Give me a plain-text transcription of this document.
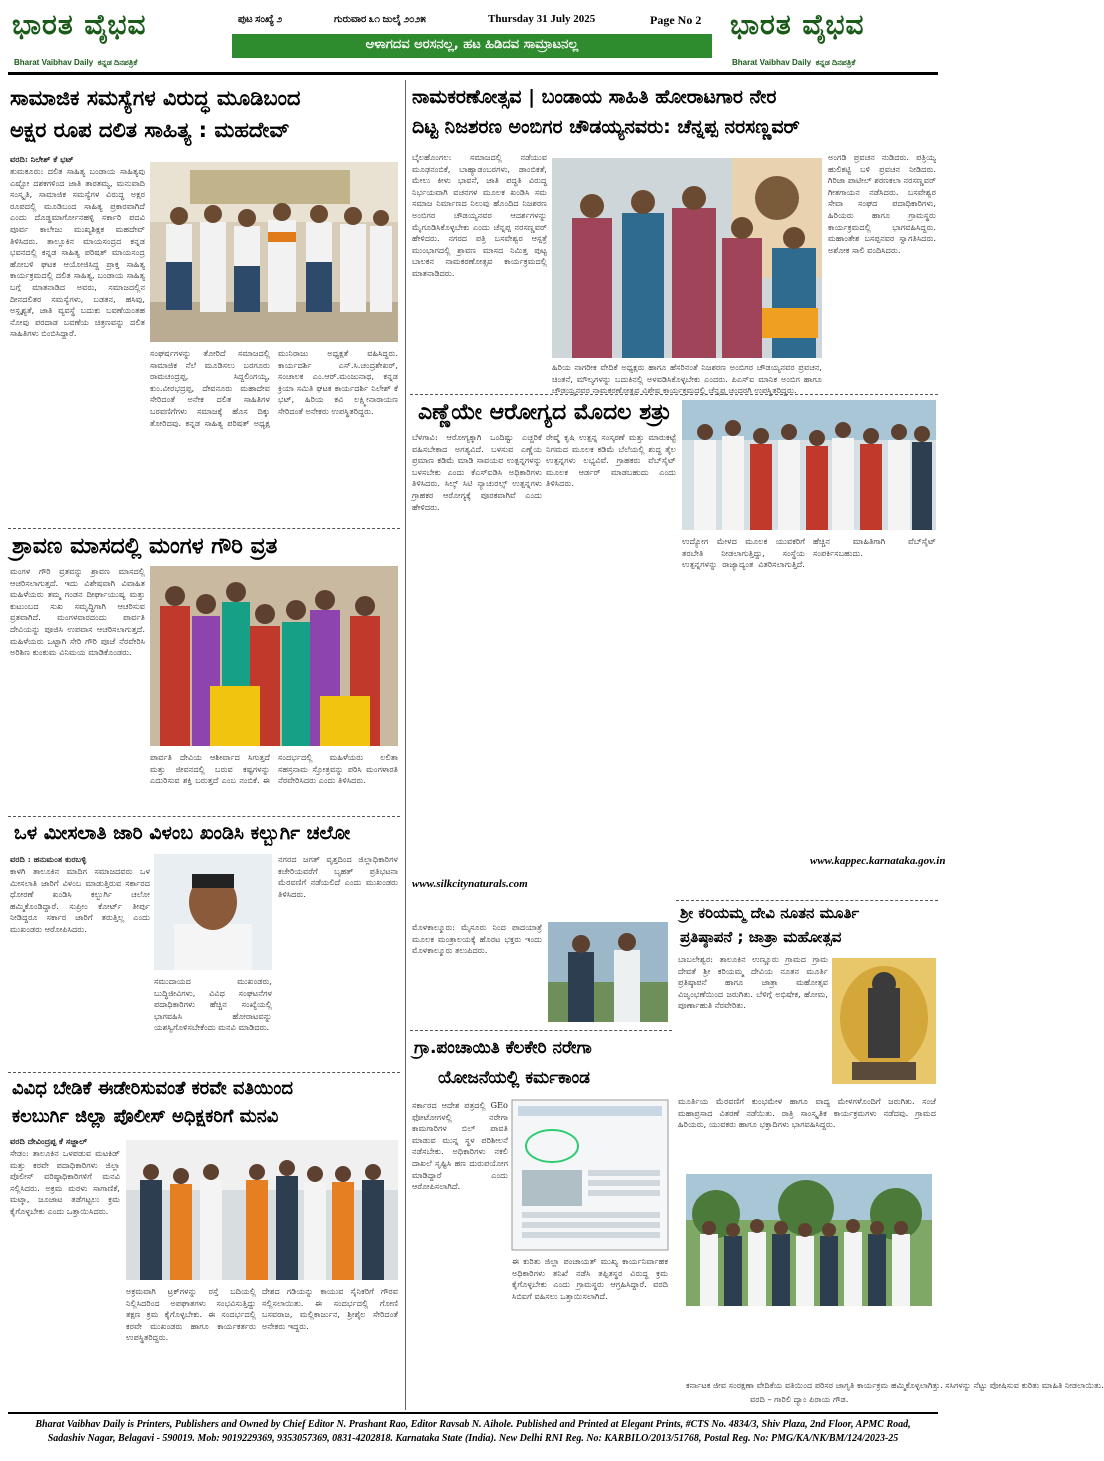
ಭಾರತ ವೈಭವ
Bharat Vaibhav Daily ಕನ್ನಡ ದಿನಪತ್ರಿಕೆ
ಪುಟ ಸಂಖ್ಯೆ ೨	ಗುರುವಾರ ೩೧ ಜುಲೈ ೨೦೨೫	Thursday 31 July 2025	Page No 2
ಆಳಾಗದವ ಅರಸನಲ್ಲ, ಹಟ ಹಿಡಿದವ ಸಾಮ್ರಾಟನಲ್ಲ
ಭಾರತ ವೈಭವ
Bharat Vaibhav Daily ಕನ್ನಡ ದಿನಪತ್ರಿಕೆ
ಸಾಮಾಜಿಕ ಸಮಸ್ಯೆಗಳ ವಿರುದ್ಧ ಮೂಡಿಬಂದ
ಅಕ್ಷರ ರೂಪ ದಲಿತ ಸಾಹಿತ್ಯ : ಮಹದೇವ್
ವರದಿ: ನಿಲೇಶ್ ಕೆ ಭಟ್
ತುಮಕೂರು: ದಲಿತ ಸಾಹಿತ್ಯ ಬಂಡಾಯ ಸಾಹಿತ್ಯವು ಎಷ್ಟೋ ದಶಕಗಳಿಂದ ಜಾತಿ ತಾರತಮ್ಯ, ಮನುವಾದಿ ಸಂಸ್ಕೃತಿ, ಸಾಮಾಜಿಕ ಸಮಸ್ಯೆಗಳ ವಿರುದ್ಧ ಅಕ್ಷರ ರೂಪದಲ್ಲಿ ಮೂಡಿಬಂದ ಸಾಹಿತ್ಯ ಪ್ರಕಾರವಾಗಿದೆ ಎಂದು ದೊಡ್ಡಮಾರ್ಗೋನಹಳ್ಳಿ ಸರ್ಕಾರಿ ಪದವಿ ಪೂರ್ವ ಕಾಲೇಜು ಮುಖ್ಯಶಿಕ್ಷಕ ಮಹದೇವ್ ತಿಳಿಸಿದರು. ತಾಲ್ಲೂಕಿನ ಮಾಯಸಂದ್ರದ ಕನ್ನಡ ಭವನದಲ್ಲಿ ಕನ್ನಡ ಸಾಹಿತ್ಯ ಪರಿಷತ್ ಮಾಯಸಂದ್ರ ಹೋಬಳಿ ಘಟಕ ಆಯೋಜಿಸಿದ್ದ ಪ್ರಾಕ್ತ ಸಾಹಿತ್ಯ ಕಾರ್ಯಕ್ರಮದಲ್ಲಿ ದಲಿತ ಸಾಹಿತ್ಯ, ಬಂಡಾಯ ಸಾಹಿತ್ಯ ಬಗ್ಗೆ ಮಾತನಾಡಿದ ಅವರು, ಸಮಾಜದಲ್ಲಿನ ದೀನದಲಿತರ ಸಮಸ್ಯೆಗಳು, ಬಡತನ, ಹಸಿವು, ಅಸ್ಪೃಶ್ಯತೆ, ಜಾತಿ ವ್ಯವಸ್ಥೆ ಬದುಕು ಬವಣೆಯಂತಹ ನೋವು ಪರದಾಡ ಬವಣೆಯ ಚಿತ್ರಣವನ್ನು ದಲಿತ ಸಾಹಿತಿಗಳು ಬಿಂಬಿಸಿದ್ದಾರೆ.
ಸಂಘರ್ಷಗಳನ್ನು ತೋರಿದೆ ಸಮಾಜದಲ್ಲಿ ಸಾಮಾಜಿಕ ನೆಲೆ ಮೂಡಿಸಲು ಬರಗೂರು ರಾಮಚಂದ್ರಪ್ಪ, ಸಿದ್ದಲಿಂಗಯ್ಯ, ಕುಂ.ವೀರಭದ್ರಪ್ಪ, ದೇವನೂರು ಮಹಾದೇವ ಸೇರಿದಂತೆ ಅನೇಕ ದಲಿತ ಸಾಹಿತಿಗಳ ಬರವಣಿಗೆಗಳು ಸಮಾಜಕ್ಕೆ ಹೊಸ ದಿಕ್ಕು ತೋರಿದವು. ಕನ್ನಡ ಸಾಹಿತ್ಯ ಪರಿಷತ್ ಅಧ್ಯಕ್ಷ ಮುನಿರಾಜು ಅಧ್ಯಕ್ಷತೆ ವಹಿಸಿದ್ದರು. ಕಾರ್ಯದರ್ಶಿ ಎಸ್.ಸಿ.ಚಂದ್ರಶೇಖರ್, ಸಂಚಾಲಕ ಎಂ.ಆರ್.ಮಂಜುನಾಥ, ಕನ್ನಡ ಕ್ರಿಯಾ ಸಮಿತಿ ಘಟಕ ಕಾರ್ಯದರ್ಶಿ ನಿಲೇಶ್ ಕೆ ಭಟ್, ಹಿರಿಯ ಕವಿ ಲಕ್ಷ್ಮೀನಾರಾಯಣ ಸೇರಿದಂತೆ ಅನೇಕರು ಉಪಸ್ಥಿತರಿದ್ದರು.
ನಾಮಕರಣೋತ್ಸವ | ಬಂಡಾಯ ಸಾಹಿತಿ ಹೋರಾಟಗಾರ ನೇರ
ದಿಟ್ಟ ನಿಜಶರಣ ಅಂಬಿಗರ ಚೌಡಯ್ಯನವರು: ಚೆನ್ನಪ್ಪ ನರಸಣ್ಣವರ್
ಬೈಲಹೊಂಗಲ: ಸಮಾಜದಲ್ಲಿ ನಡೆಯುವ ಮೂಢನಂಬಿಕೆ, ಬಾಹ್ಯಾಡಂಬರಗಳು, ಡಾಂಬಿಕತೆ, ಮೇಲು ಕೀಳು ಭಾವನೆ, ಜಾತಿ ಪದ್ಧತಿ ವಿರುದ್ಧ ನಿರ್ಭಯವಾಗಿ ವಚನಗಳ ಮೂಲಕ ಖಂಡಿಸಿ ಸಮ ಸಮಾಜ ನಿರ್ಮಾಣದ ನಿಲುವು ಹೊಂದಿದ ನಿಜಶರಣ ಅಂಬಿಗರ ಚೌಡಯ್ಯನವರ ಆದರ್ಶಗಳನ್ನು ಮೈಗೂಡಿಸಿಕೊಳ್ಳಬೇಕು ಎಂದು ಚೆನ್ನಪ್ಪ ನರಸಣ್ಣವರ್ ಹೇಳಿದರು. ನಗರದ ಪತ್ರಿ ಬಸವೇಶ್ವರ ಆಸ್ಪತ್ರೆ ಮುಂಭಾಗದಲ್ಲಿ ಶ್ರಾವಣ ಮಾಸದ ನಿಮಿತ್ತ ಪುಟ್ಟ ಬಾಲಕನ ನಾಮಕರಣೋತ್ಸವ ಕಾರ್ಯಕ್ರಮದಲ್ಲಿ ಮಾತನಾಡಿದರು.
ಹಿರಿಯ ನಾಗರೀಕ ವೇದಿಕೆ ಅಧ್ಯಕ್ಷರು ಹಾಗೂ ಹೆಸರಿನಂತೆ ನಿಜಶರಣ ಅಂಬಿಗರ ಚೌಡಯ್ಯನವರ ಪ್ರವಚನ, ಚಿಂತನೆ, ಮೌಲ್ಯಗಳನ್ನು ಬದುಕಿನಲ್ಲಿ ಅಳವಡಿಸಿಕೊಳ್ಳಬೇಕು ಎಂದರು. ಪಿಎಸ್ಐ ಮಾನಿಕ ಅಂಬಿಗ ಹಾಗೂ ಚೌಡಯ್ಯನವರ ನಾಮಕರಣೋತ್ಸವ ವಿಶೇಷ ಕಾರ್ಯಕ್ರಮದಲ್ಲಿ ಚೆನ್ನಪ್ಪ ಚಂದರಗಿ ಉಪಸ್ಥಿತರಿದ್ದರು.
ಅಂಗಡಿ ಪ್ರವಚನ ನುಡಿದರು. ಪತ್ರಿಯ್ಯ ಹುಲಿಕಟ್ಟಿ ಬಳಿ ಪ್ರವಚನ ನೀಡಿದರು. ಗಿರಿಜಾ ಪಾಟೀಲ್ ಶರಣಕಲಾ ನರಸಣ್ಣವರ್ ಗೀತಗಾಯನ ನಡೆಸಿದರು. ಬಸವೇಶ್ವರ ಸೇವಾ ಸಂಘದ ಪದಾಧಿಕಾರಿಗಳು, ಹಿರಿಯರು ಹಾಗೂ ಗ್ರಾಮಸ್ಥರು ಕಾರ್ಯಕ್ರಮದಲ್ಲಿ ಭಾಗವಹಿಸಿದ್ದರು. ಮಹಾಂತೇಶ ಬಸಪ್ಪನವರ ಸ್ವಾಗತಿಸಿದರು. ಅಶೋಕ ಸಾಲಿ ವಂದಿಸಿದರು.
ಶ್ರಾವಣ ಮಾಸದಲ್ಲಿ ಮಂಗಳ ಗೌರಿ ವ್ರತ
ಮಂಗಳ ಗೌರಿ ವ್ರತವನ್ನು ಶ್ರಾವಣ ಮಾಸದಲ್ಲಿ ಆಚರಿಸಲಾಗುತ್ತದೆ. ಇದು ವಿಶೇಷವಾಗಿ ವಿವಾಹಿತ ಮಹಿಳೆಯರು ತಮ್ಮ ಗಂಡನ ದೀರ್ಘಾಯುಷ್ಯ ಮತ್ತು ಕುಟುಂಬದ ಸುಖ ಸಮೃದ್ಧಿಗಾಗಿ ಆಚರಿಸುವ ವ್ರತವಾಗಿದೆ. ಮಂಗಳವಾರದಂದು ಪಾರ್ವತಿ ದೇವಿಯನ್ನು ಪೂಜಿಸಿ ಉಪವಾಸ ಆಚರಿಸಲಾಗುತ್ತದೆ. ಮಹಿಳೆಯರು ಒಟ್ಟಾಗಿ ಸೇರಿ ಗೌರಿ ಪೂಜೆ ನೆರವೇರಿಸಿ ಅರಿಶಿಣ ಕುಂಕುಮ ವಿನಿಮಯ ಮಾಡಿಕೊಂಡರು.
ಪಾರ್ವತಿ ದೇವಿಯ ಆಶೀರ್ವಾದ ಸಿಗುತ್ತದೆ ಮತ್ತು ಜೀವನದಲ್ಲಿ ಬರುವ ಕಷ್ಟಗಳನ್ನು ಎದುರಿಸುವ ಶಕ್ತಿ ಬರುತ್ತದೆ ಎಂಬ ನಂಬಿಕೆ. ಈ ಸಂದರ್ಭದಲ್ಲಿ ಮಹಿಳೆಯರು ಲಲಿತಾ ಸಹಸ್ರನಾಮ ಸ್ತೋತ್ರವನ್ನು ಪಠಿಸಿ ಮಂಗಳಾರತಿ ನೆರವೇರಿಸಿದರು ಎಂದು ತಿಳಿಸಿದರು.
ಎಣ್ಣೆಯೇ ಆರೋಗ್ಯದ ಮೊದಲ ಶತ್ರು
ಬೆಳಗಾವಿ: ಆರೋಗ್ಯಕ್ಕಾಗಿ ಒಂದಿಷ್ಟು ಎಚ್ಚರಿಕೆ ವಹಿಸಬೇಕಾದ ಅಗತ್ಯವಿದೆ. ಬಳಸುವ ಎಣ್ಣೆಯ ಪ್ರಮಾಣ ಕಡಿಮೆ ಮಾಡಿ ಸಾವಯವ ಉತ್ಪನ್ನಗಳನ್ನು ಬಳಸಬೇಕು ಎಂದು ಕೆಎಸ್‌ಐಡಿಸಿ ಅಧಿಕಾರಿಗಳು ತಿಳಿಸಿದರು. ಸಿಲ್ಕ್ ಸಿಟಿ ನ್ಯಾಚುರಲ್ಸ್ ಉತ್ಪನ್ನಗಳು ಗ್ರಾಹಕರ ಆರೋಗ್ಯಕ್ಕೆ ಪೂರಕವಾಗಿವೆ ಎಂದು ಹೇಳಿದರು.
ರೇಷ್ಮೆ ಕೃಷಿ ಉತ್ಪನ್ನ ಸಂಸ್ಕರಣೆ ಮತ್ತು ಮಾರುಕಟ್ಟೆ ನಿಗಮದ ಮೂಲಕ ಕಡಿಮೆ ಬೆಲೆಯಲ್ಲಿ ಶುದ್ಧ ತೈಲ ಉತ್ಪನ್ನಗಳು ಲಭ್ಯವಿವೆ. ಗ್ರಾಹಕರು ವೆಬ್‌ಸೈಟ್ ಮೂಲಕ ಆರ್ಡರ್ ಮಾಡಬಹುದು ಎಂದು ತಿಳಿಸಿದರು.
www.silkcitynaturals.com
ಉದ್ಯೋಗ ಮೇಳದ ಮೂಲಕ ಯುವಕರಿಗೆ ತರಬೇತಿ ನೀಡಲಾಗುತ್ತಿದ್ದು, ಸಂಸ್ಥೆಯ ಉತ್ಪನ್ನಗಳನ್ನು ರಾಜ್ಯಾದ್ಯಂತ ವಿತರಿಸಲಾಗುತ್ತಿದೆ. ಹೆಚ್ಚಿನ ಮಾಹಿತಿಗಾಗಿ ವೆಬ್‌ಸೈಟ್ ಸಂಪರ್ಕಿಸಬಹುದು.
www.kappec.karnataka.gov.in
ಮೊಳಕಾಲ್ಮೂರು: ಮೈಸೂರು ನಿಂದ ಪಾದಯಾತ್ರೆ ಮೂಲಕ ಮಂತ್ರಾಲಯಕ್ಕೆ ಹೊರಟ ಭಕ್ತರು ಇಂದು ಮೊಳಕಾಲ್ಮೂರು ತಲುಪಿದರು.
ಒಳ ಮೀಸಲಾತಿ ಜಾರಿ ವಿಳಂಬ ಖಂಡಿಸಿ ಕಲ್ಬುರ್ಗಿ ಚಲೋ
ವರದಿ : ಹನುಮಂತ ಕುರಬಳ್ಳಿ
ಕಾಳಗಿ ತಾಲೂಕಿನ ಮಾದಿಗ ಸಮಾಜದವರು ಒಳ ಮೀಸಲಾತಿ ಜಾರಿಗೆ ವಿಳಂಬ ಮಾಡುತ್ತಿರುವ ಸರ್ಕಾರದ ಧೋರಣೆ ಖಂಡಿಸಿ ಕಲ್ಬುರ್ಗಿ ಚಲೋ ಹಮ್ಮಿಕೊಂಡಿದ್ದಾರೆ. ಸುಪ್ರೀಂ ಕೋರ್ಟ್ ತೀರ್ಪು ನೀಡಿದ್ದರೂ ಸರ್ಕಾರ ಜಾರಿಗೆ ತರುತ್ತಿಲ್ಲ ಎಂದು ಮುಖಂಡರು ಆರೋಪಿಸಿದರು.
ಸಮುದಾಯದ ಮುಖಂಡರು, ಬುದ್ಧಿಜೀವಿಗಳು, ವಿವಿಧ ಸಂಘಟನೆಗಳ ಪದಾಧಿಕಾರಿಗಳು ಹೆಚ್ಚಿನ ಸಂಖ್ಯೆಯಲ್ಲಿ ಭಾಗವಹಿಸಿ ಹೋರಾಟವನ್ನು ಯಶಸ್ವಿಗೊಳಿಸಬೇಕೆಂದು ಮನವಿ ಮಾಡಿದರು.
ನಗರದ ಜಗತ್ ವೃತ್ತದಿಂದ ಜಿಲ್ಲಾಧಿಕಾರಿಗಳ ಕಚೇರಿಯವರೆಗೆ ಬೃಹತ್ ಪ್ರತಿಭಟನಾ ಮೆರವಣಿಗೆ ನಡೆಯಲಿದೆ ಎಂದು ಮುಖಂಡರು ತಿಳಿಸಿದರು.
ವಿವಿಧ ಬೇಡಿಕೆ ಈಡೇರಿಸುವಂತೆ ಕರವೇ ವತಿಯಿಂದ
ಕಲಬುರ್ಗಿ ಜಿಲ್ಲಾ ಪೊಲೀಸ್ ಅಧಿಕ್ಷಕರಿಗೆ ಮನವಿ
ವರದಿ ದೇವಿಂದ್ರಪ್ಪ ಕೆ ಸಜ್ಜಾಲ್
ಸೇಡಂ: ತಾಲೂಕಿನ ಒಳಪಡುವ ಮಟಕಿಡ್ ಮತ್ತು ಕರವೇ ಪದಾಧಿಕಾರಿಗಳು ಜಿಲ್ಲಾ ಪೊಲೀಸ್ ವರಿಷ್ಠಾಧಿಕಾರಿಗಳಿಗೆ ಮನವಿ ಸಲ್ಲಿಸಿದರು. ಅಕ್ರಮ ಮರಳು ಸಾಗಾಣಿಕೆ, ಮಟ್ಕಾ, ಜೂಜಾಟ ತಡೆಗಟ್ಟಲು ಕ್ರಮ ಕೈಗೊಳ್ಳಬೇಕು ಎಂದು ಒತ್ತಾಯಿಸಿದರು.
ಅಕ್ರಮವಾಗಿ ಟ್ರಕ್‌ಗಳನ್ನು ರಸ್ತೆ ಬದಿಯಲ್ಲಿ ನಿಲ್ಲಿಸಿದರಿಂದ ಅಪಘಾತಗಳು ಸಂಭವಿಸುತ್ತಿದ್ದು ತಕ್ಷಣ ಕ್ರಮ ಕೈಗೊಳ್ಳಬೇಕು. ಈ ಸಂದರ್ಭದಲ್ಲಿ ಕರವೇ ಮುಖಂಡರು ಹಾಗೂ ಕಾರ್ಯಕರ್ತರು ಉಪಸ್ಥಿತರಿದ್ದರು.
ದೇಶದ ಗಡಿಯನ್ನು ಕಾಯುವ ಸೈನಿಕರಿಗೆ ಗೌರವ ಸಲ್ಲಿಸಲಾಯಿತು. ಈ ಸಂದರ್ಭದಲ್ಲಿ ಗೋಣಿ ಬಸವರಾಜ, ಮಲ್ಲಿಕಾರ್ಜುನ, ಶ್ರೀಶೈಲ ಸೇರಿದಂತೆ ಅನೇಕರು ಇದ್ದರು.
ಗ್ರಾ.ಪಂಚಾಯಿತಿ ಕೆಲಕೇರಿ ನರೇಗಾ
ಯೋಜನೆಯಲ್ಲಿ ಕರ್ಮಕಾಂಡ
ಸರ್ಕಾರದ ಆದೇಶ ಪತ್ರದಲ್ಲಿ GEo ಫೋಟೋಗಳಲ್ಲಿ ನರೇಗಾ ಕಾಮಗಾರಿಗಳ ಬಿಲ್ ಪಾವತಿ ಮಾಡುವ ಮುನ್ನ ಸ್ಥಳ ಪರಿಶೀಲನೆ ನಡೆಸಬೇಕು. ಅಧಿಕಾರಿಗಳು ನಕಲಿ ದಾಖಲೆ ಸೃಷ್ಟಿಸಿ ಹಣ ದುರುಪಯೋಗ ಮಾಡಿದ್ದಾರೆ ಎಂದು ಆರೋಪಿಸಲಾಗಿದೆ.
ಈ ಕುರಿತು ಜಿಲ್ಲಾ ಪಂಚಾಯತ್ ಮುಖ್ಯ ಕಾರ್ಯನಿರ್ವಾಹಕ ಅಧಿಕಾರಿಗಳು ತನಿಖೆ ನಡೆಸಿ ತಪ್ಪಿತಸ್ಥರ ವಿರುದ್ಧ ಕ್ರಮ ಕೈಗೊಳ್ಳಬೇಕು ಎಂದು ಗ್ರಾಮಸ್ಥರು ಆಗ್ರಹಿಸಿದ್ದಾರೆ. ವರದಿ ಸಿಬಿಐಗೆ ವಹಿಸಲು ಒತ್ತಾಯಿಸಲಾಗಿದೆ.
ಶ್ರೀ ಕರಿಯಮ್ಮ ದೇವಿ ನೂತನ ಮೂರ್ತಿ
ಪ್ರತಿಷ್ಠಾಪನೆ ; ಜಾತ್ರಾ ಮಹೋತ್ಸವ
ಬಾಬಲೇಶ್ವರ: ತಾಲೂಕಿನ ಉಣ್ಣೂರು ಗ್ರಾಮದ ಗ್ರಾಮ ದೇವತೆ ಶ್ರೀ ಕರಿಯಮ್ಮ ದೇವಿಯ ನೂತನ ಮೂರ್ತಿ ಪ್ರತಿಷ್ಠಾಪನೆ ಹಾಗೂ ಜಾತ್ರಾ ಮಹೋತ್ಸವ ವಿಜೃಂಭಣೆಯಿಂದ ಜರುಗಿತು. ಬೆಳಿಗ್ಗೆ ಅಭಿಷೇಕ, ಹೋಮ, ಪೂರ್ಣಾಹುತಿ ನೆರವೇರಿತು.
ಮೂರ್ತಿಯ ಮೆರವಣಿಗೆ ಕುಂಭಮೇಳ ಹಾಗೂ ವಾದ್ಯ ಮೇಳಗಳೊಂದಿಗೆ ಜರುಗಿತು. ಸಂಜೆ ಮಹಾಪ್ರಸಾದ ವಿತರಣೆ ನಡೆಯಿತು. ರಾತ್ರಿ ಸಾಂಸ್ಕೃತಿಕ ಕಾರ್ಯಕ್ರಮಗಳು ನಡೆದವು. ಗ್ರಾಮದ ಹಿರಿಯರು, ಯುವಕರು ಹಾಗೂ ಭಕ್ತಾದಿಗಳು ಭಾಗವಹಿಸಿದ್ದರು.
ಕರ್ನಾಟಕ ಜೀವ ಸಂರಕ್ಷಣಾ ವೇದಿಕೆಯ ವತಿಯಿಂದ ಪರಿಸರ ಜಾಗೃತಿ ಕಾರ್ಯಕ್ರಮ ಹಮ್ಮಿಕೊಳ್ಳಲಾಗಿತ್ತು. ಸಸಿಗಳನ್ನು ನೆಟ್ಟು ಪೋಷಿಸುವ ಕುರಿತು ಮಾಹಿತಿ ನೀಡಲಾಯಿತು.
ವರದಿ – ಗಾರಿಲಿ ದ್ಯಾಂ ಪಿರಾಯ ಗೌಡ.
Bharat Vaibhav Daily is Printers, Publishers and Owned by Chief Editor N. Prashant Rao, Editor Ravsab N. Aihole. Published and Printed at Elegant Prints, #CTS No. 4834/3, Shiv Plaza, 2nd Floor, APMC Road,
Sadashiv Nagar, Belagavi - 590019. Mob: 9019229369, 9353057369, 0831-4202818. Karnataka State (India). New Delhi RNI Reg. No: KARBILO/2013/51768, Postal Reg. No: PMG/KA/NK/BM/124/2023-25
